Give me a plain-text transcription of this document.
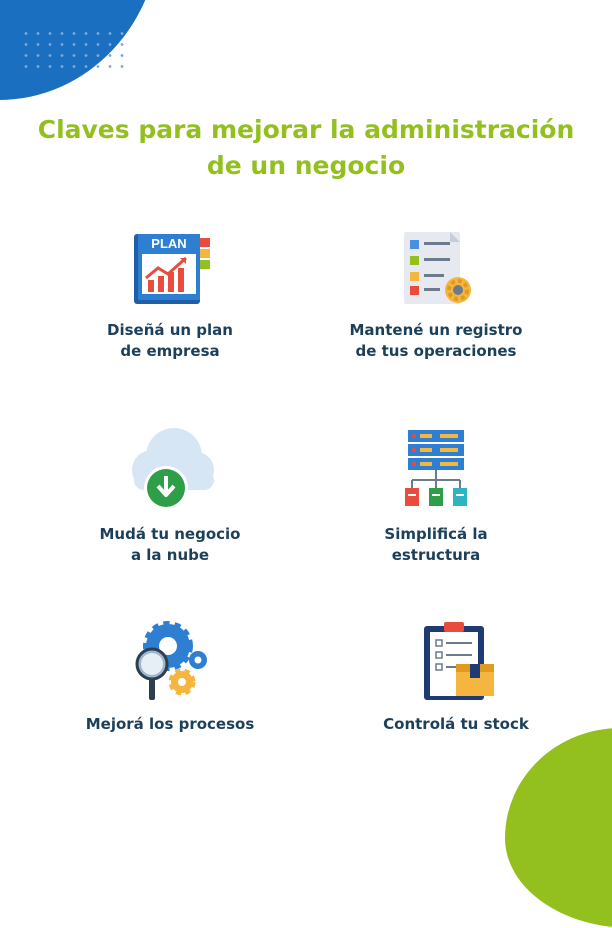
Claves para mejorar la administración
de un negocio
PLAN
Diseñá un plan
de empresa
Mantené un registro
de tus operaciones
Mudá tu negocio
a la nube
Simplificá la
estructura
Mejorá los procesos	Controlá tu stock
